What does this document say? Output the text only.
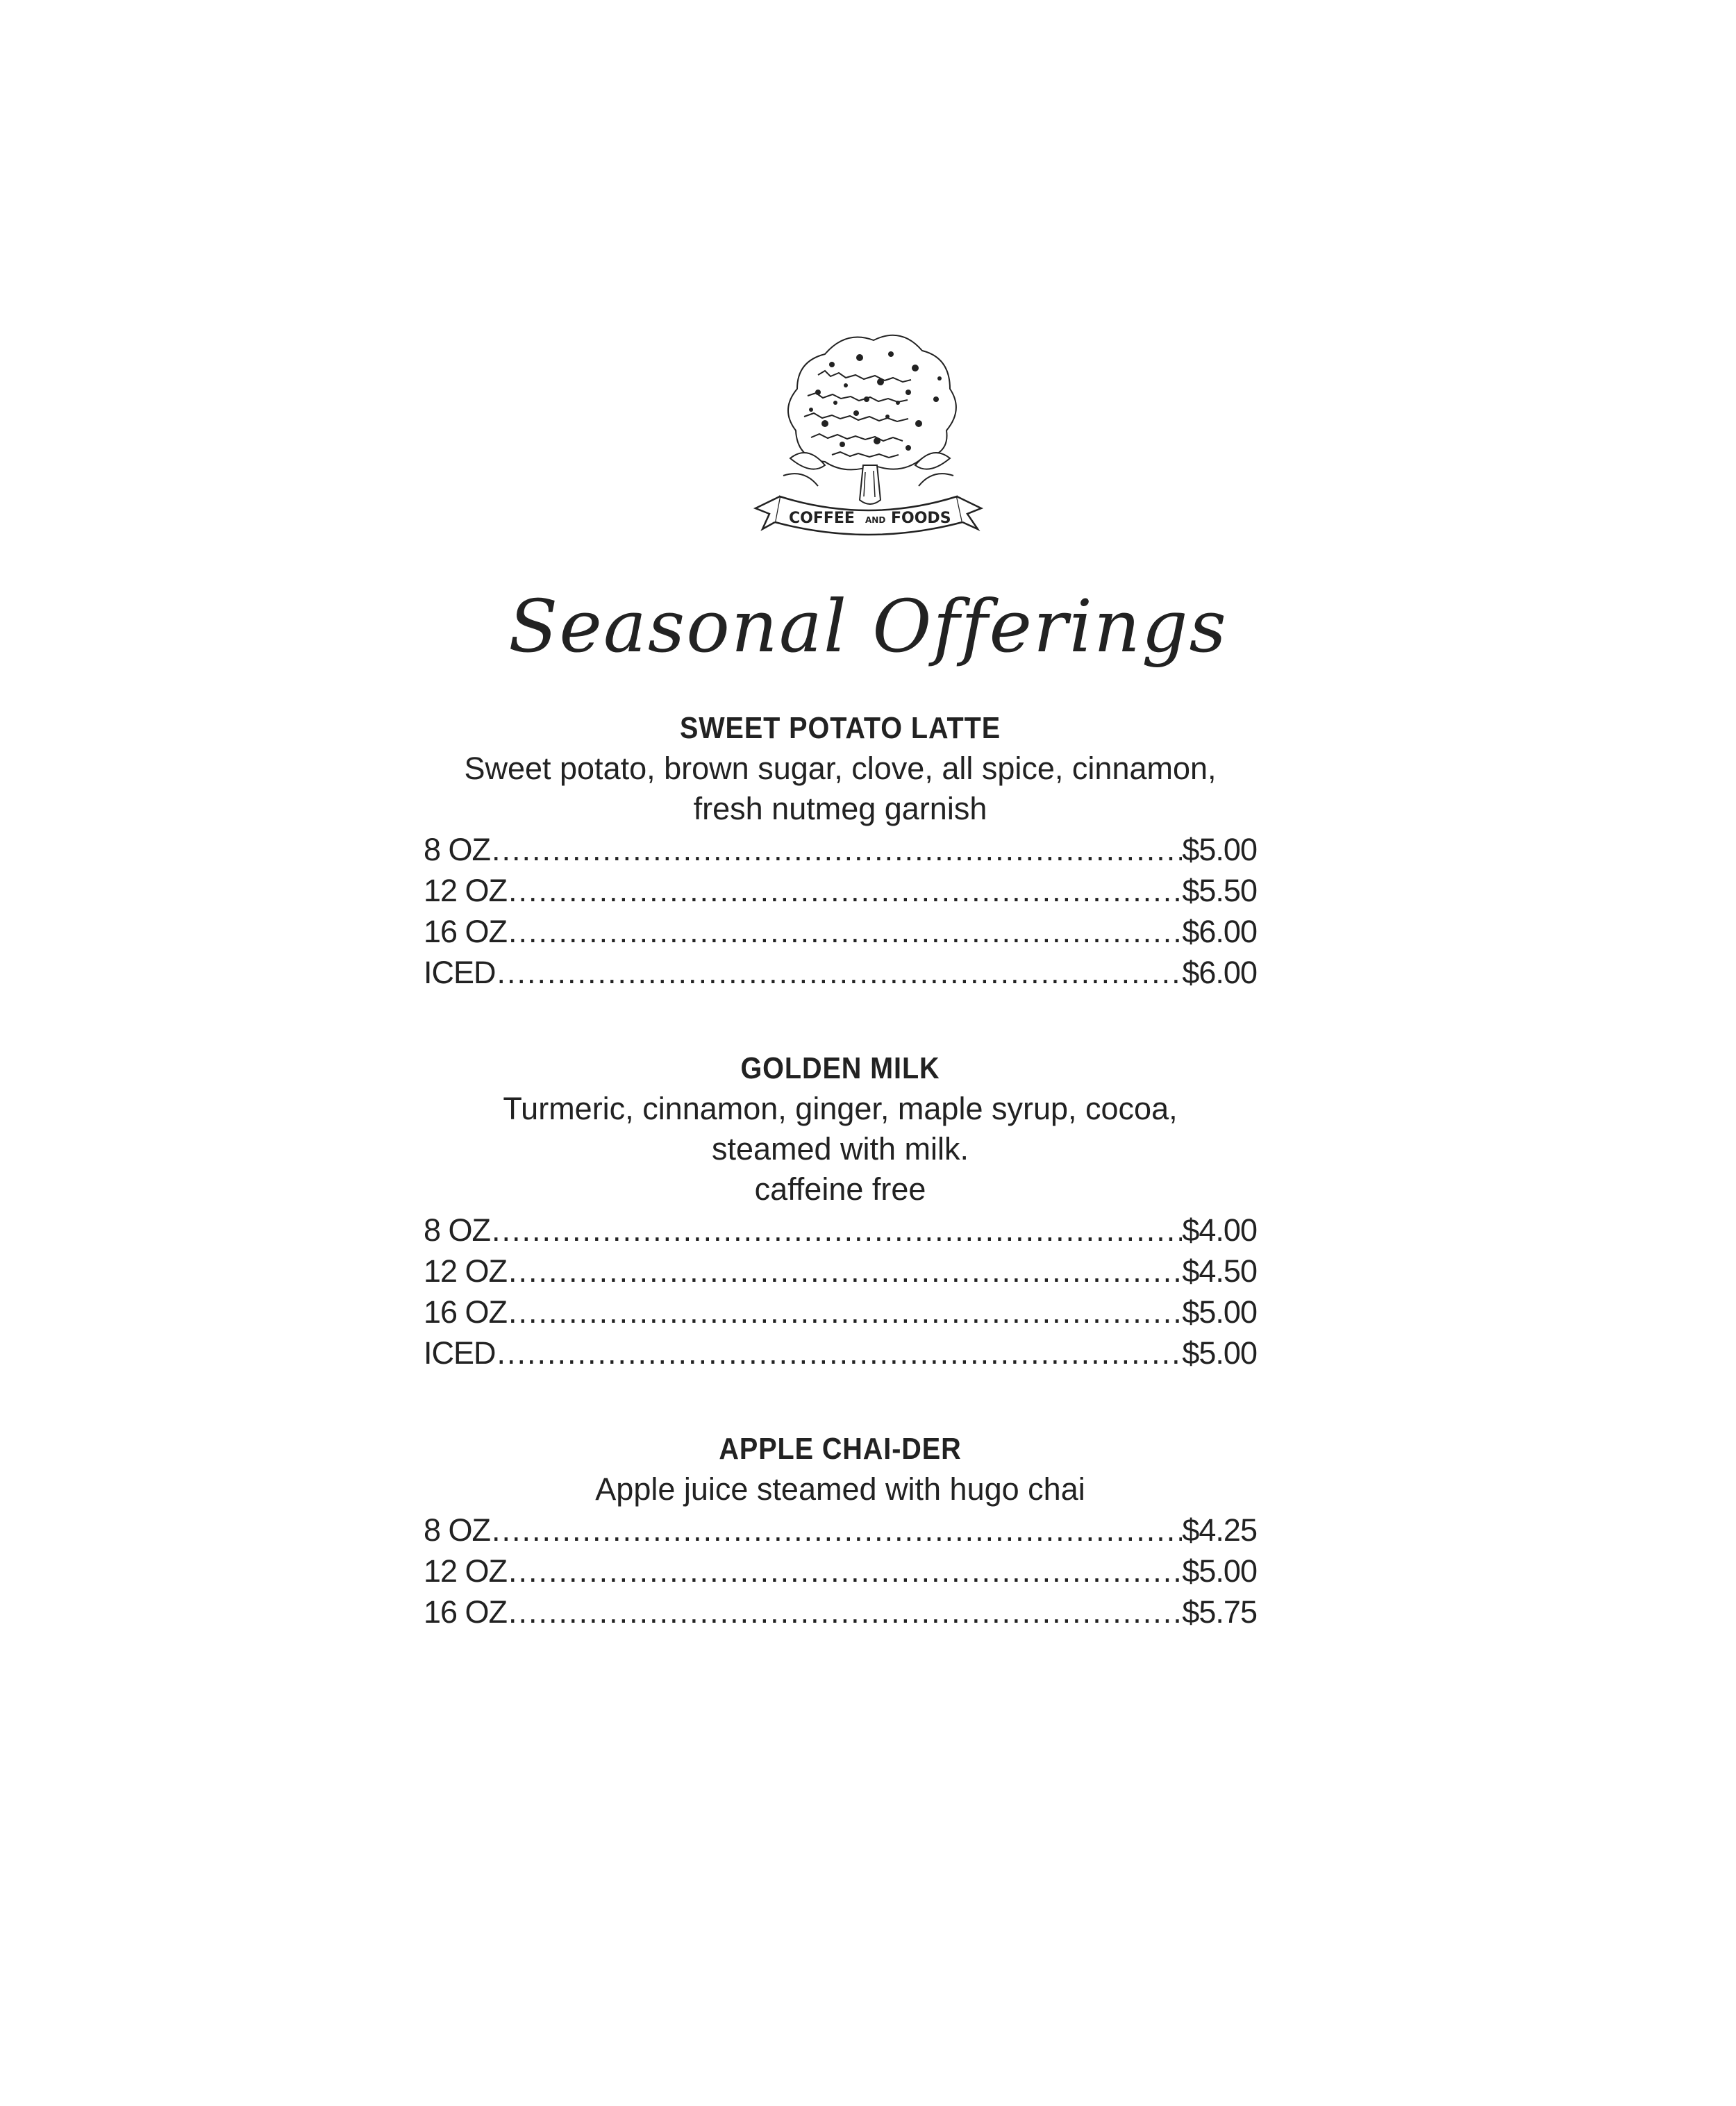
COFFEE AND FOODS
Seasonal Offerings

SWEET POTATO LATTE

Sweet potato, brown sugar, clove, all spice, cinnamon,

fresh nutmeg garnish

8 OZ .....	$5.00
12 OZ .....	$5.50
16 OZ .....	$6.00
ICED .....	$6.00

GOLDEN MILK

Turmeric, cinnamon, ginger, maple syrup, cocoa,

steamed with milk.

caffeine free

8 OZ .....	$4.00
12 OZ .....	$4.50
16 OZ .....	$5.00
ICED .....	$5.00

APPLE CHAI-DER

Apple juice steamed with hugo chai

8 OZ .....	$4.25
12 OZ .....	$5.00
16 OZ .....	$5.75
